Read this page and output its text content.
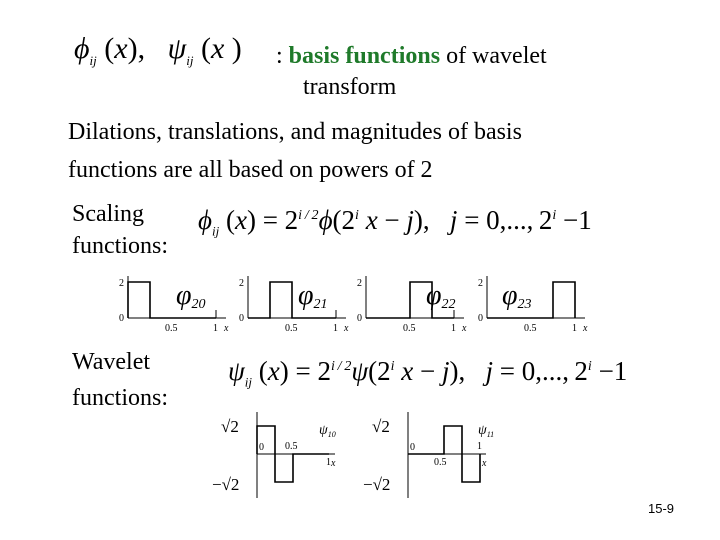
$\phi_{ij}$ (x),   $\psi_{ij}$ (x ) : basis functions of wavelet
transform
Dilations, translations, and magnitudes of basis
functions are all based on powers of 2
Scaling
functions:
$\phi_{ij}$ $(x) = 2^{i / 2}\phi(2^i$ x − j),   j = 0,..., $2^i -1$
2
0
0.5	1 x
φ20
2
0
0.5	1 x
φ21
2
0
0.5	1 x
φ22
2
0
0.5	1 x
φ23
Wavelet
functions:
$\psi_{ij}$ $(x) = 2^{i / 2}\psi(2^i$ x − j),   j = 0,..., $2^i -1$
√2
−√2
0 0.5
1 x
$\psi_{10}$ √2
−√2
0
0.5
1
x
$\psi_{11}$
15-9
